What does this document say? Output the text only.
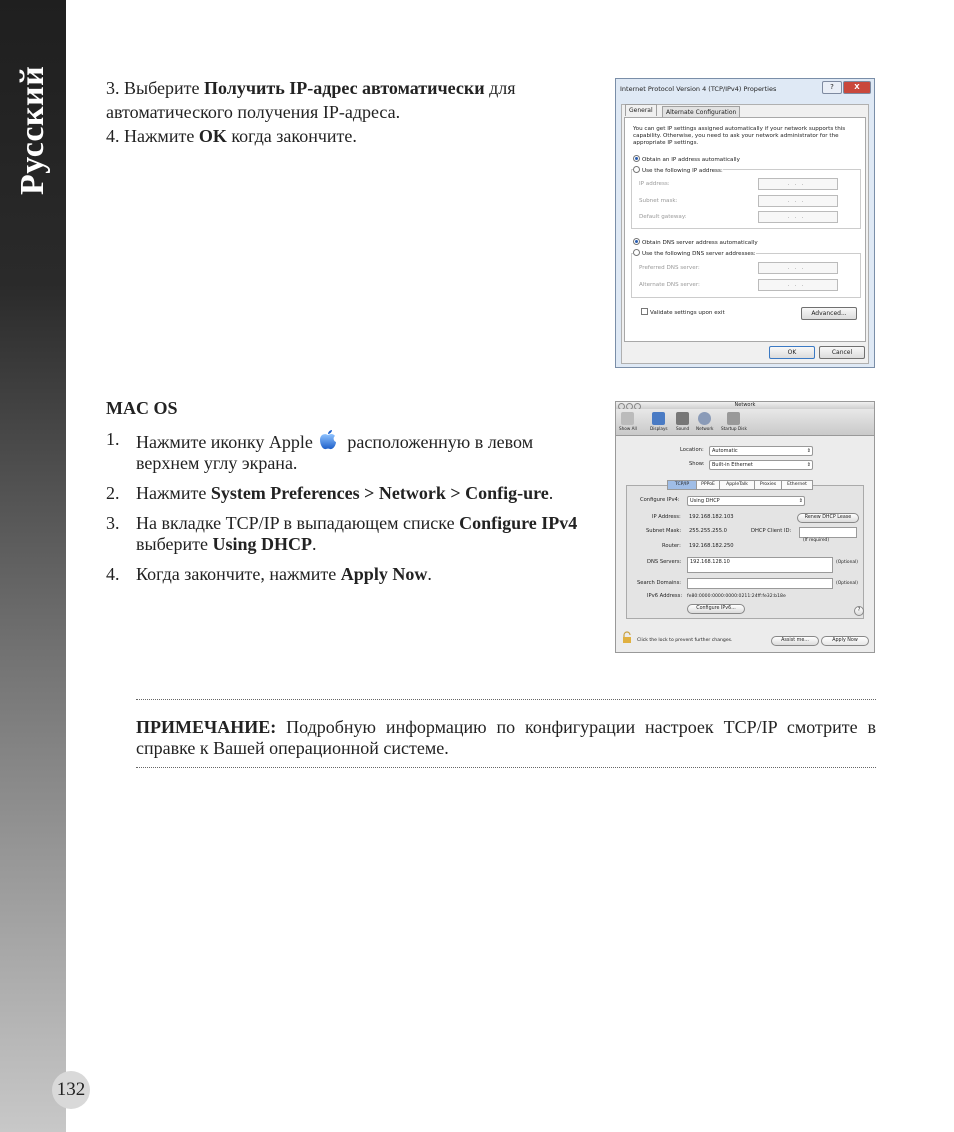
Русский
132

3. Выберите Получить IP-адрес автоматически для

автоматического получения IP-адреса.

4. Нажмите OK когда закончите.

Internet Protocol Version 4 (TCP/IPv4) Properties	?	X
General	Alternate Configuration
You can get IP settings assigned automatically if your network supports this capability. Otherwise, you need to ask your network administrator for the appropriate IP settings.
Obtain an IP address automatically
Use the following IP address:
IP address:	...
Subnet mask:	...
Default gateway:	...
Obtain DNS server address automatically
Use the following DNS server addresses:
Preferred DNS server:	...
Alternate DNS server:	...
Validate settings upon exit	Advanced...
OK	Cancel
MAC OS
1. Нажмите иконку Apple расположенную в левом верхнем углу экрана.
2. Нажмите System Preferences > Network > Config-ure.
3. На вкладке TCP/IP в выпадающем списке Configure IPv4 выберите Using DHCP.
4. Когда закончите, нажмите Apply Now.
Network
Show All	Displays Sound Network Startup Disk
Location:	Automatic ⇕
Show:	Built-in Ethernet ⇕
TCP/IP	PPPoE	AppleTalk	Proxies	Ethernet
Configure IPv4:	Using DHCP ⇕
IP Address: 192.168.182.103	Renew DHCP Lease
Subnet Mask: 255.255.255.0	DHCP Client ID:
(If required)
Router: 192.168.182.250
DNS Servers:	192.168.128.10	(Optional)
Search Domains:	(Optional)
IPv6 Address: fe80:0000:0000:0000:0211:24ff:fe32:b18e
Configure IPv6...	?
Click the lock to prevent further changes.	Assist me...	Apply Now
ПРИМЕЧАНИЕ: Подробную информацию по конфигурации настроек TCP/IP смотрите в справке к Вашей операционной системе.
